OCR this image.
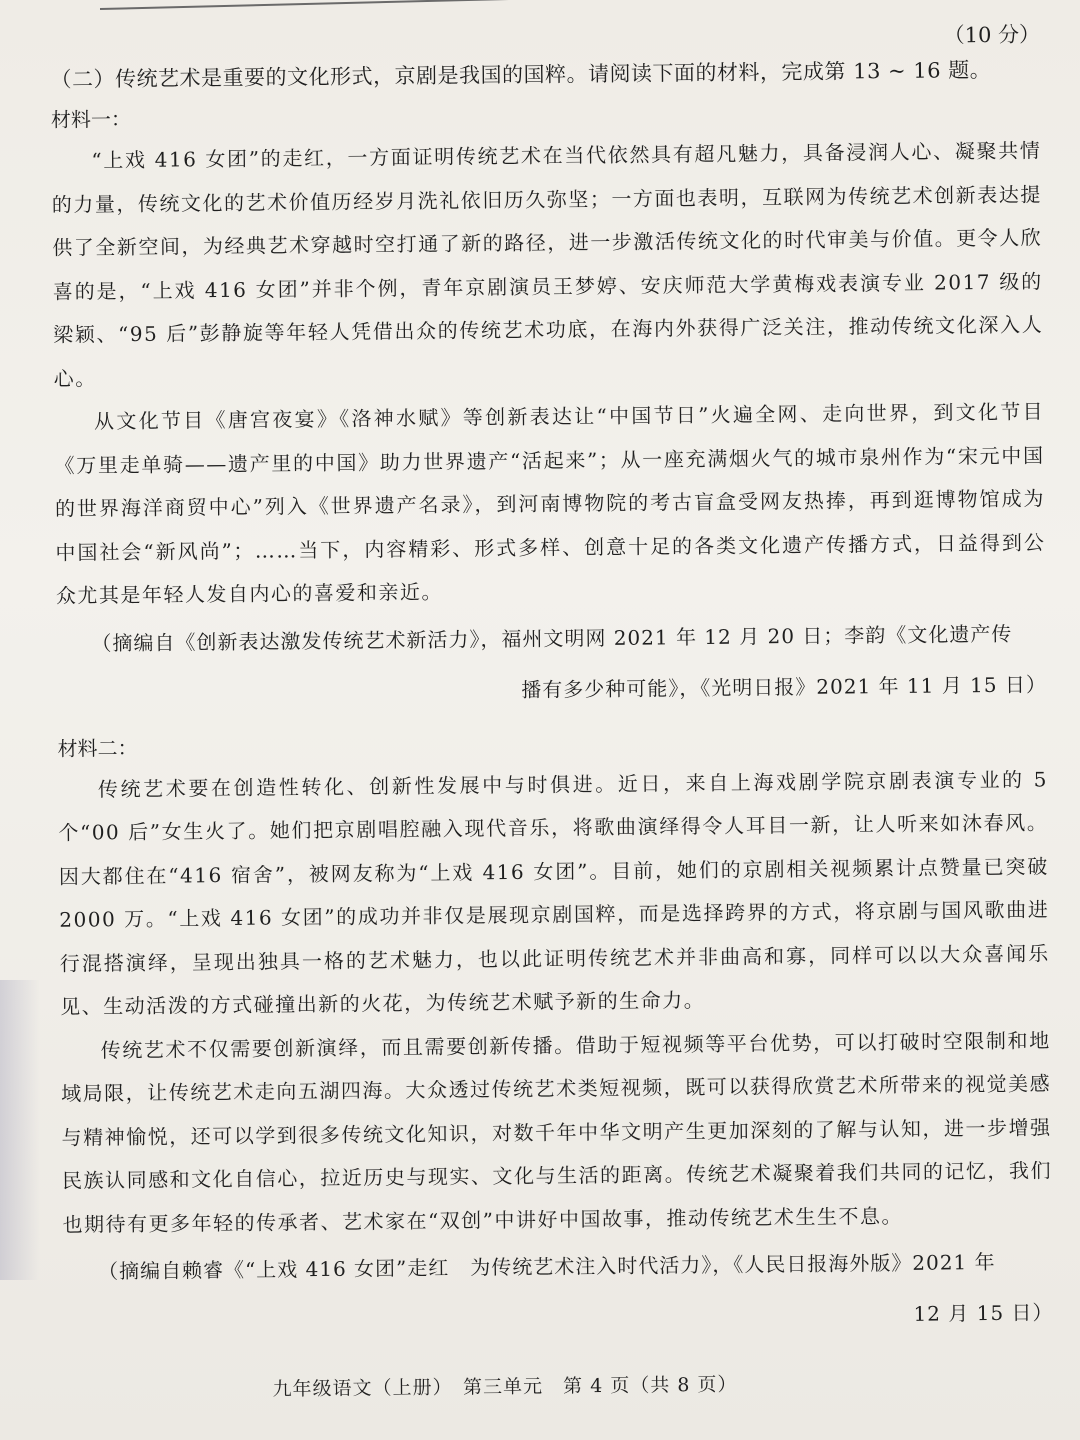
（10 分）
（二）传统艺术是重要的文化形式，京剧是我国的国粹。请阅读下面的材料，完成第 13 ~ 16 题。
材料一：

“上戏 416 女团”的走红，一方面证明传统艺术在当代依然具有超凡魅力，具备浸润人心、凝聚共情的力量，传统文化的艺术价值历经岁月洗礼依旧历久弥坚；一方面也表明，互联网为传统艺术创新表达提供了全新空间，为经典艺术穿越时空打通了新的路径，进一步激活传统文化的时代审美与价值。更令人欣喜的是，“上戏 416 女团”并非个例，青年京剧演员王梦婷、安庆师范大学黄梅戏表演专业 2017 级的梁颖、“95 后”彭静旋等年轻人凭借出众的传统艺术功底，在海内外获得广泛关注，推动传统文化深入人心。

从文化节目《唐宫夜宴》《洛神水赋》等创新表达让“中国节日”火遍全网、走向世界，到文化节目《万里走单骑——遗产里的中国》助力世界遗产“活起来”；从一座充满烟火气的城市泉州作为“宋元中国的世界海洋商贸中心”列入《世界遗产名录》，到河南博物院的考古盲盒受网友热捧，再到逛博物馆成为中国社会“新风尚”；……当下，内容精彩、形式多样、创意十足的各类文化遗产传播方式，日益得到公众尤其是年轻人发自内心的喜爱和亲近。

（摘编自《创新表达激发传统艺术新活力》，福州文明网 2021 年 12 月 20 日；李韵《文化遗产传
播有多少种可能》，《光明日报》2021 年 11 月 15 日）
材料二：

传统艺术要在创造性转化、创新性发展中与时俱进。近日，来自上海戏剧学院京剧表演专业的 5 个“00 后”女生火了。她们把京剧唱腔融入现代音乐，将歌曲演绎得令人耳目一新，让人听来如沐春风。因大都住在“416 宿舍”，被网友称为“上戏 416 女团”。目前，她们的京剧相关视频累计点赞量已突破 2000 万。“上戏 416 女团”的成功并非仅是展现京剧国粹，而是选择跨界的方式，将京剧与国风歌曲进行混搭演绎，呈现出独具一格的艺术魅力，也以此证明传统艺术并非曲高和寡，同样可以以大众喜闻乐见、生动活泼的方式碰撞出新的火花，为传统艺术赋予新的生命力。

传统艺术不仅需要创新演绎，而且需要创新传播。借助于短视频等平台优势，可以打破时空限制和地域局限，让传统艺术走向五湖四海。大众透过传统艺术类短视频，既可以获得欣赏艺术所带来的视觉美感与精神愉悦，还可以学到很多传统文化知识，对数千年中华文明产生更加深刻的了解与认知，进一步增强民族认同感和文化自信心，拉近历史与现实、文化与生活的距离。传统艺术凝聚着我们共同的记忆，我们也期待有更多年轻的传承者、艺术家在“双创”中讲好中国故事，推动传统艺术生生不息。

（摘编自赖睿《“上戏 416 女团”走红　为传统艺术注入时代活力》，《人民日报海外版》2021 年
12 月 15 日）
九年级语文（上册）　第三单元　第 4 页（共 8 页）
